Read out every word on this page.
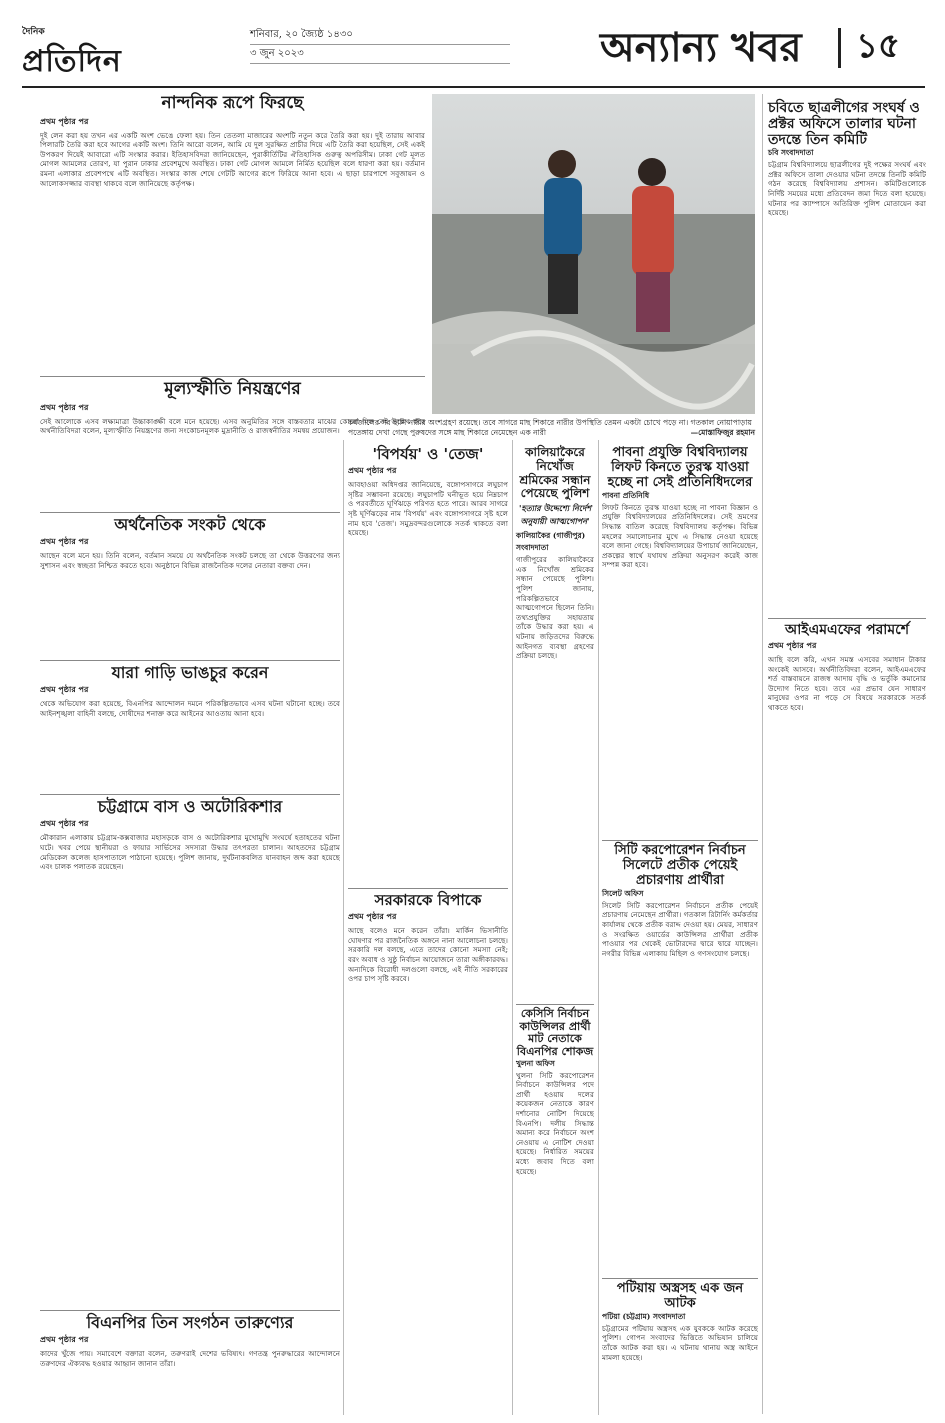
দৈনিক
প্রতিদিন
শনিবার, ২০ জ্যৈষ্ঠ ১৪৩০
৩ জুন ২০২৩	অন্যান্য খবর ১৫
নান্দনিক রূপে ফিরছে
প্রথম পৃষ্ঠার পর
দুই লেন করা হয় তখন এর একটি অংশ ভেঙে ফেলা হয়। তিন তেতলা মাজারের অংশটি নতুন করে তৈরি করা হয়। দুই তারায় আবার পিলারটি তৈরি করা হবে আগের একটি অংশ। তিনি আরো বলেন, আমি যে দুল সুরক্ষিত প্রাচীর দিয়ে এটি তৈরি করা হয়েছিল, সেই একই উপকরণ দিয়েই আবারো এটি সংস্কার করার। ইতিহাসবিদরা জানিয়েছেন, পুরাকীর্তিটির ঐতিহাসিক গুরুত্ব অপরিসীম। ঢাকা গেট মূলত মোগল আমলের তোরণ, যা পুরান ঢাকার প্রবেশমুখে অবস্থিত। ঢাকা গেট মোগল আমলে নির্মিত হয়েছিল বলে ধারণা করা হয়। বর্তমান রমনা এলাকার প্রবেশপথে এটি অবস্থিত। সংস্কার কাজ শেষে গেটটি আগের রূপে ফিরিয়ে আনা হবে। এ ছাড়া চারপাশে সবুজায়ন ও আলোকসজ্জার ব্যবস্থা থাকবে বলে জানিয়েছে কর্তৃপক্ষ।
মূল্যস্ফীতি নিয়ন্ত্রণের
প্রথম পৃষ্ঠার পর
সেই আলোকে এসব লক্ষ্যমাত্রা উচ্চাকাঙ্ক্ষী বলে মনে হয়েছে। এসব অনুমিতির সঙ্গে বাস্তবতার মাঝের কোনো মিল নেই উল্লেখ করে অর্থনীতিবিদরা বলেন, মূল্যস্ফীতি নিয়ন্ত্রণের জন্য সংকোচনমূলক মুদ্রানীতি ও রাজস্বনীতির সমন্বয় প্রয়োজন।
অর্থনৈতিক সংকট থেকে
প্রথম পৃষ্ঠার পর
আছেন বলে মনে হয়। তিনি বলেন, বর্তমান সময়ে যে অর্থনৈতিক সংকট চলছে তা থেকে উত্তরণের জন্য সুশাসন এবং স্বচ্ছতা নিশ্চিত করতে হবে। অনুষ্ঠানে বিভিন্ন রাজনৈতিক দলের নেতারা বক্তব্য দেন।
যারা গাড়ি ভাঙচুর করেন
প্রথম পৃষ্ঠার পর
থেকে অভিযোগ করা হয়েছে, বিএনপির আন্দোলন দমনে পরিকল্পিতভাবে এসব ঘটনা ঘটানো হচ্ছে। তবে আইনশৃঙ্খলা বাহিনী বলছে, দোষীদের শনাক্ত করে আইনের আওতায় আনা হবে।
চট্টগ্রামে বাস ও অটোরিকশার
প্রথম পৃষ্ঠার পর
মৌকারান এলাকায় চট্টগ্রাম-কক্সবাজার মহাসড়কে বাস ও অটোরিকশার মুখোমুখি সংঘর্ষে হতাহতের ঘটনা ঘটে। খবর পেয়ে স্থানীয়রা ও ফায়ার সার্ভিসের সদস্যরা উদ্ধার তৎপরতা চালান। আহতদের চট্টগ্রাম মেডিকেল কলেজ হাসপাতালে পাঠানো হয়েছে। পুলিশ জানায়, দুর্ঘটনাকবলিত যানবাহন জব্দ করা হয়েছে এবং চালক পলাতক রয়েছেন।
বিএনপির তিন সংগঠন তারুণ্যের
প্রথম পৃষ্ঠার পর
কাদের খুঁজে পায়। সমাবেশে বক্তারা বলেন, তরুণরাই দেশের ভবিষ্যৎ। গণতন্ত্র পুনরুদ্ধারের আন্দোলনে তরুণদের ঐক্যবদ্ধ হওয়ার আহ্বান জানান তাঁরা।
কর্মজালের সব ছানি নারীর অংশগ্রহণ রয়েছে। তবে সাগরে মাছ শিকারে নারীর উপস্থিতি তেমন একটা চোখে পড়ে না। গতকাল নোয়াপাড়ায় পতেঙ্গায় দেখা গেছে পুরুষদের সঙ্গে মাছ শিকারে নেমেছেন এক নারী	—মোস্তাফিজুর রহমান
'বিপর্যয়' ও 'তেজ'
প্রথম পৃষ্ঠার পর
আবহাওয়া অধিদপ্তর জানিয়েছে, বঙ্গোপসাগরে লঘুচাপ সৃষ্টির সম্ভাবনা রয়েছে। লঘুচাপটি ঘনীভূত হয়ে নিম্নচাপ ও পরবর্তীতে ঘূর্ণিঝড়ে পরিণত হতে পারে। আরব সাগরে সৃষ্ট ঘূর্ণিঝড়ের নাম 'বিপর্যয়' এবং বঙ্গোপসাগরে সৃষ্ট হলে নাম হবে 'তেজ'। সমুদ্রবন্দরগুলোকে সতর্ক থাকতে বলা হয়েছে।
সরকারকে বিপাকে
প্রথম পৃষ্ঠার পর
আছে বলেও মনে করেন তাঁরা। মার্কিন ভিসানীতি ঘোষণার পর রাজনৈতিক অঙ্গনে নানা আলোচনা চলছে। সরকারি দল বলছে, এতে তাদের কোনো সমস্যা নেই; বরং অবাধ ও সুষ্ঠু নির্বাচন আয়োজনে তারা অঙ্গীকারবদ্ধ। অন্যদিকে বিরোধী দলগুলো বলছে, এই নীতি সরকারের ওপর চাপ সৃষ্টি করবে।
কালিয়াকৈরে নিখোঁজ শ্রমিকের সন্ধান পেয়েছে পুলিশ
'হত্যার উদ্দেশ্যে নির্দেশ অনুযায়ী আত্মগোপন'
কালিয়াকৈর (গাজীপুর) সংবাদদাতা
গাজীপুরের কালিয়াকৈরে এক নিখোঁজ শ্রমিকের সন্ধান পেয়েছে পুলিশ। পুলিশ জানায়, পরিকল্পিতভাবে আত্মগোপনে ছিলেন তিনি। তথ্যপ্রযুক্তির সহায়তায় তাঁকে উদ্ধার করা হয়। এ ঘটনায় জড়িতদের বিরুদ্ধে আইনগত ব্যবস্থা গ্রহণের প্রক্রিয়া চলছে।
কেসিসি নির্বাচন কাউন্সিলর প্রার্থী মাট নেতাকে বিএনপির শোকজ
খুলনা অফিস
খুলনা সিটি করপোরেশন নির্বাচনে কাউন্সিলর পদে প্রার্থী হওয়ায় দলের কয়েকজন নেতাকে কারণ দর্শানোর নোটিশ দিয়েছে বিএনপি। দলীয় সিদ্ধান্ত অমান্য করে নির্বাচনে অংশ নেওয়ায় এ নোটিশ দেওয়া হয়েছে। নির্ধারিত সময়ের মধ্যে জবাব দিতে বলা হয়েছে।
পাবনা প্রযুক্তি বিশ্ববিদ্যালয় লিফট কিনতে তুরস্ক যাওয়া হচ্ছে না সেই প্রতিনিধিদলের
পাবনা প্রতিনিধি
লিফট কিনতে তুরস্ক যাওয়া হচ্ছে না পাবনা বিজ্ঞান ও প্রযুক্তি বিশ্ববিদ্যালয়ের প্রতিনিধিদলের। সেই ভ্রমণের সিদ্ধান্ত বাতিল করেছে বিশ্ববিদ্যালয় কর্তৃপক্ষ। বিভিন্ন মহলের সমালোচনার মুখে এ সিদ্ধান্ত নেওয়া হয়েছে বলে জানা গেছে। বিশ্ববিদ্যালয়ের উপাচার্য জানিয়েছেন, প্রকল্পের স্বার্থে যথাযথ প্রক্রিয়া অনুসরণ করেই কাজ সম্পন্ন করা হবে।
সিটি করপোরেশন নির্বাচন সিলেটে প্রতীক পেয়েই প্রচারণায় প্রার্থীরা
সিলেট অফিস
সিলেট সিটি করপোরেশন নির্বাচনে প্রতীক পেয়েই প্রচারণায় নেমেছেন প্রার্থীরা। গতকাল রিটার্নিং কর্মকর্তার কার্যালয় থেকে প্রতীক বরাদ্দ দেওয়া হয়। মেয়র, সাধারণ ও সংরক্ষিত ওয়ার্ডের কাউন্সিলর প্রার্থীরা প্রতীক পাওয়ার পর থেকেই ভোটারদের দ্বারে দ্বারে যাচ্ছেন। নগরীর বিভিন্ন এলাকায় মিছিল ও গণসংযোগ চলছে।
পটিয়ায় অস্ত্রসহ এক জন আটক
পটিয়া (চট্টগ্রাম) সংবাদদাতা
চট্টগ্রামের পটিয়ায় অস্ত্রসহ এক যুবককে আটক করেছে পুলিশ। গোপন সংবাদের ভিত্তিতে অভিযান চালিয়ে তাঁকে আটক করা হয়। এ ঘটনায় থানায় অস্ত্র আইনে মামলা হয়েছে।
চবিতে ছাত্রলীগের সংঘর্ষ ও প্রক্টর অফিসে তালার ঘটনা তদন্তে তিন কমিটি
চবি সংবাদদাতা
চট্টগ্রাম বিশ্ববিদ্যালয়ে ছাত্রলীগের দুই পক্ষের সংঘর্ষ এবং প্রক্টর অফিসে তালা দেওয়ার ঘটনা তদন্তে তিনটি কমিটি গঠন করেছে বিশ্ববিদ্যালয় প্রশাসন। কমিটিগুলোকে নির্দিষ্ট সময়ের মধ্যে প্রতিবেদন জমা দিতে বলা হয়েছে। ঘটনার পর ক্যাম্পাসে অতিরিক্ত পুলিশ মোতায়েন করা হয়েছে।
আইএমএফের পরামর্শে
প্রথম পৃষ্ঠার পর
আছি বলে করি, এখন সমস্ত এসবের সমাধান টাকার অংকেই আসবে। অর্থনীতিবিদরা বলেন, আইএমএফের শর্ত বাস্তবায়নে রাজস্ব আদায় বৃদ্ধি ও ভর্তুকি কমানোর উদ্যোগ নিতে হবে। তবে এর প্রভাব যেন সাধারণ মানুষের ওপর না পড়ে সে বিষয়ে সরকারকে সতর্ক থাকতে হবে।
